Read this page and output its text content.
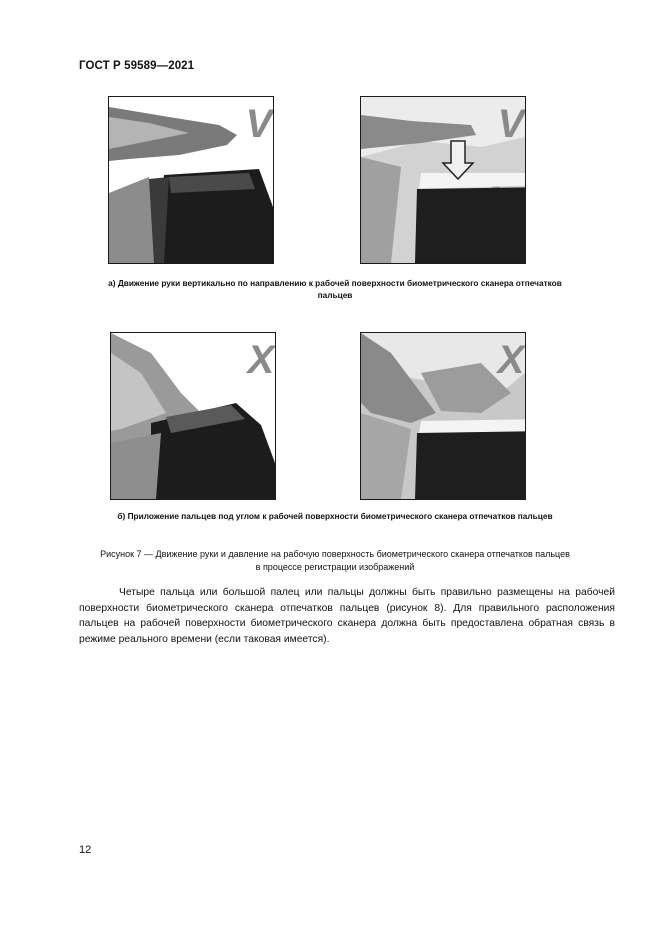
ГОСТ Р 59589—2021
V	V
а) Движение руки вертикально по направлению к рабочей поверхности биометрического сканера отпечатков пальцев
X	X
б) Приложение пальцев под углом к рабочей поверхности биометрического сканера отпечатков пальцев
Рисунок 7 — Движение руки и давление на рабочую поверхность биометрического сканера отпечатков пальцев в процессе регистрации изображений

Четыре пальца или большой палец или пальцы должны быть правильно размещены на рабочей поверхности биометрического сканера отпечатков пальцев (рисунок 8). Для правильного расположения пальцев на рабочей поверхности биометрического сканера должна быть предоставлена обратная связь в режиме реального времени (если таковая имеется).

12
